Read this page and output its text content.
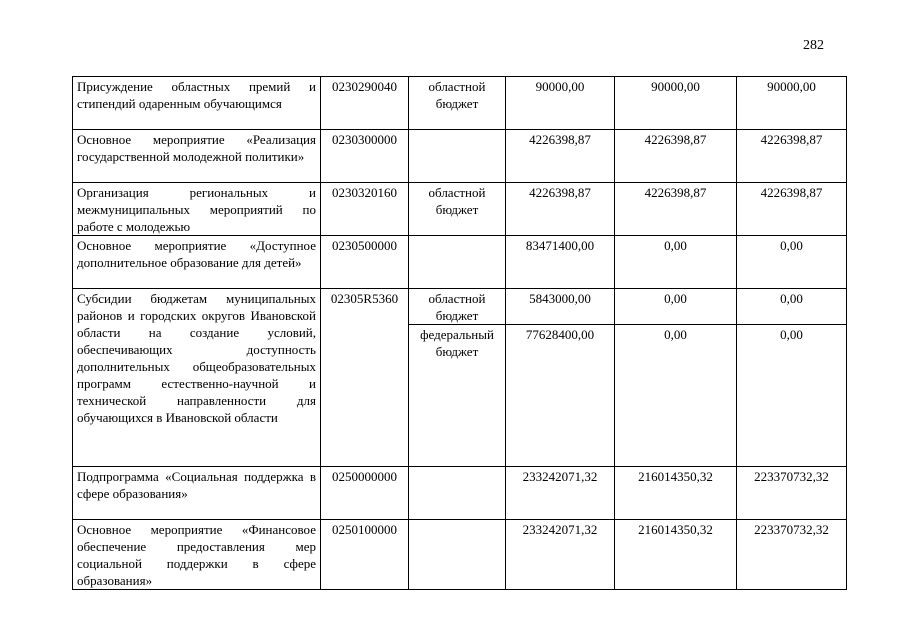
282
Присуждение областных премий и стипендий одаренным обучающимся	0230290040	областной бюджет	90000,00	90000,00	90000,00
Основное мероприятие «Реализация государственной молодежной политики»	0230300000		4226398,87	4226398,87	4226398,87
Организация региональных и межмуниципальных мероприятий по работе с молодежью	0230320160	областной бюджет	4226398,87	4226398,87	4226398,87
Основное мероприятие «Доступное дополнительное образование для детей»	0230500000		83471400,00	0,00	0,00
Субсидии бюджетам муниципальных районов и городских округов Ивановской области на создание условий, обеспечивающих доступность дополнительных общеобразовательных программ естественно-научной и технической направленности для обучающихся в Ивановской области	02305R5360	областной бюджет	5843000,00	0,00	0,00
		федеральный бюджет	77628400,00	0,00	0,00
Подпрограмма «Социальная поддержка в сфере образования»	0250000000		233242071,32	216014350,32	223370732,32
Основное мероприятие «Финансовое обеспечение предоставления мер социальной поддержки в сфере образования»	0250100000		233242071,32	216014350,32	223370732,32
